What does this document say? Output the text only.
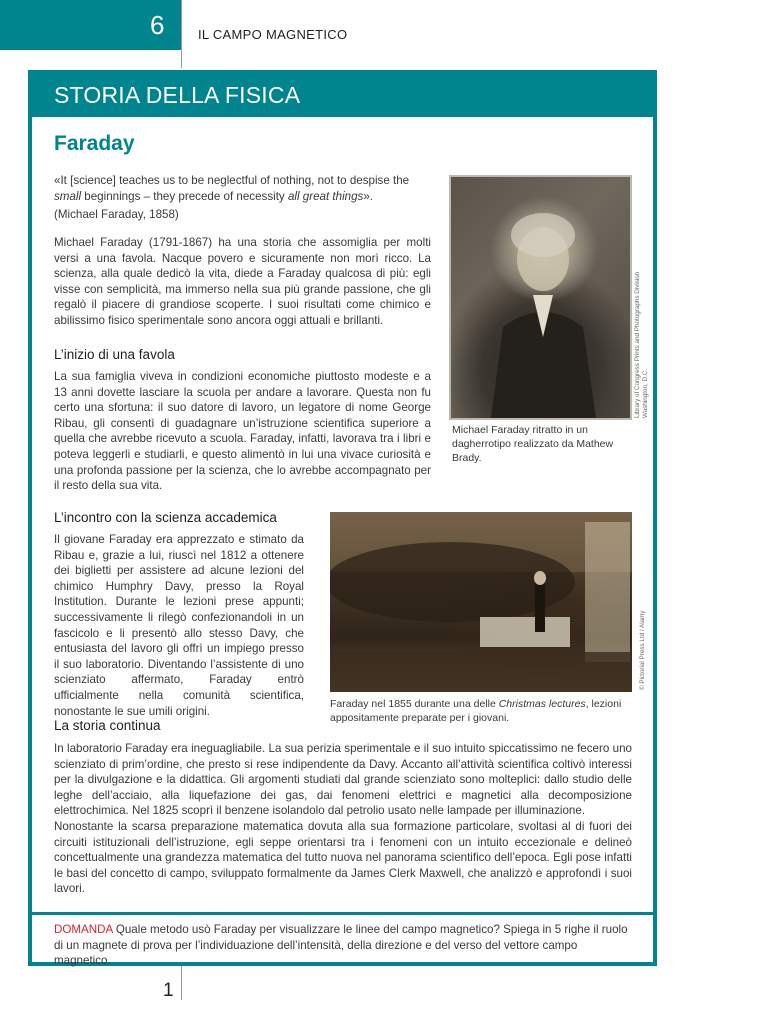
6	IL CAMPO MAGNETICO
STORIA DELLA FISICA
Faraday
«It [science] teaches us to be neglectful of nothing, not to despise the small beginnings – they precede of necessity all great things».
(Michael Faraday, 1858)
Michael Faraday (1791-1867) ha una storia che assomiglia per molti versi a una favola. Nacque povero e sicuramente non morì ricco. La scienza, alla quale dedicò la vita, diede a Faraday qualcosa di più: egli visse con semplicità, ma immerso nella sua più grande passione, che gli regalò il piacere di grandiose scoperte. I suoi risultati come chimico e abilissimo fisico sperimentale sono ancora oggi attuali e brillanti.
L’inizio di una favola
La sua famiglia viveva in condizioni economiche piuttosto modeste e a 13 anni dovette lasciare la scuola per andare a lavorare. Questa non fu certo una sfortuna: il suo datore di lavoro, un legatore di nome George Ribau, gli consentì di guadagnare un’istruzione scientifica superiore a quella che avrebbe ricevuto a scuola. Faraday, infatti, lavorava tra i libri e poteva leggerli e studiarli, e questo alimentò in lui una vivace curiosità e una profonda passione per la scienza, che lo avrebbe accompagnato per il resto della sua vita.
Library of Congress Prints and Photographs Division Washington, D.C.
Michael Faraday ritratto in un dagherrotipo realizzato da Mathew Brady.
L’incontro con la scienza accademica
Il giovane Faraday era apprezzato e stimato da Ribau e, grazie a lui, riuscì nel 1812 a ottenere dei biglietti per assistere ad alcune lezioni del chimico Humphry Davy, presso la Royal Institution. Durante le lezioni prese appunti; successivamente li rilegò confezionandoli in un fascicolo e li presentò allo stesso Davy, che entusiasta del lavoro gli offrì un impiego presso il suo laboratorio. Diventando l’assistente di uno scienziato affermato, Faraday entrò ufficialmente nella comunità scientifica, nonostante le sue umili origini.
© Pictorial Press Ltd / Alamy
Faraday nel 1855 durante una delle Christmas lectures, lezioni appositamente preparate per i giovani.
La storia continua
In laboratorio Faraday era ineguagliabile. La sua perizia sperimentale e il suo intuito spiccatissimo ne fecero uno scienziato di prim’ordine, che presto si rese indipendente da Davy. Accanto all’attività scientifica coltivò interessi per la divulgazione e la didattica. Gli argomenti studiati dal grande scienziato sono molteplici: dallo studio delle leghe dell’acciaio, alla liquefazione dei gas, dai fenomeni elettrici e magnetici alla decomposizione elettrochimica. Nel 1825 scoprì il benzene isolandolo dal petrolio usato nelle lampade per illuminazione.
Nonostante la scarsa preparazione matematica dovuta alla sua formazione particolare, svoltasi al di fuori dei circuiti istituzionali dell’istruzione, egli seppe orientarsi tra i fenomeni con un intuito eccezionale e delineò concettualmente una grandezza matematica del tutto nuova nel panorama scientifico dell’epoca. Egli pose infatti le basi del concetto di campo, sviluppato formalmente da James Clerk Maxwell, che analizzò e approfondì i suoi lavori.
DOMANDA Quale metodo usò Faraday per visualizzare le linee del campo magnetico? Spiega in 5 righe il ruolo di un magnete di prova per l’individuazione dell’intensità, della direzione e del verso del vettore campo magnetico.
1
